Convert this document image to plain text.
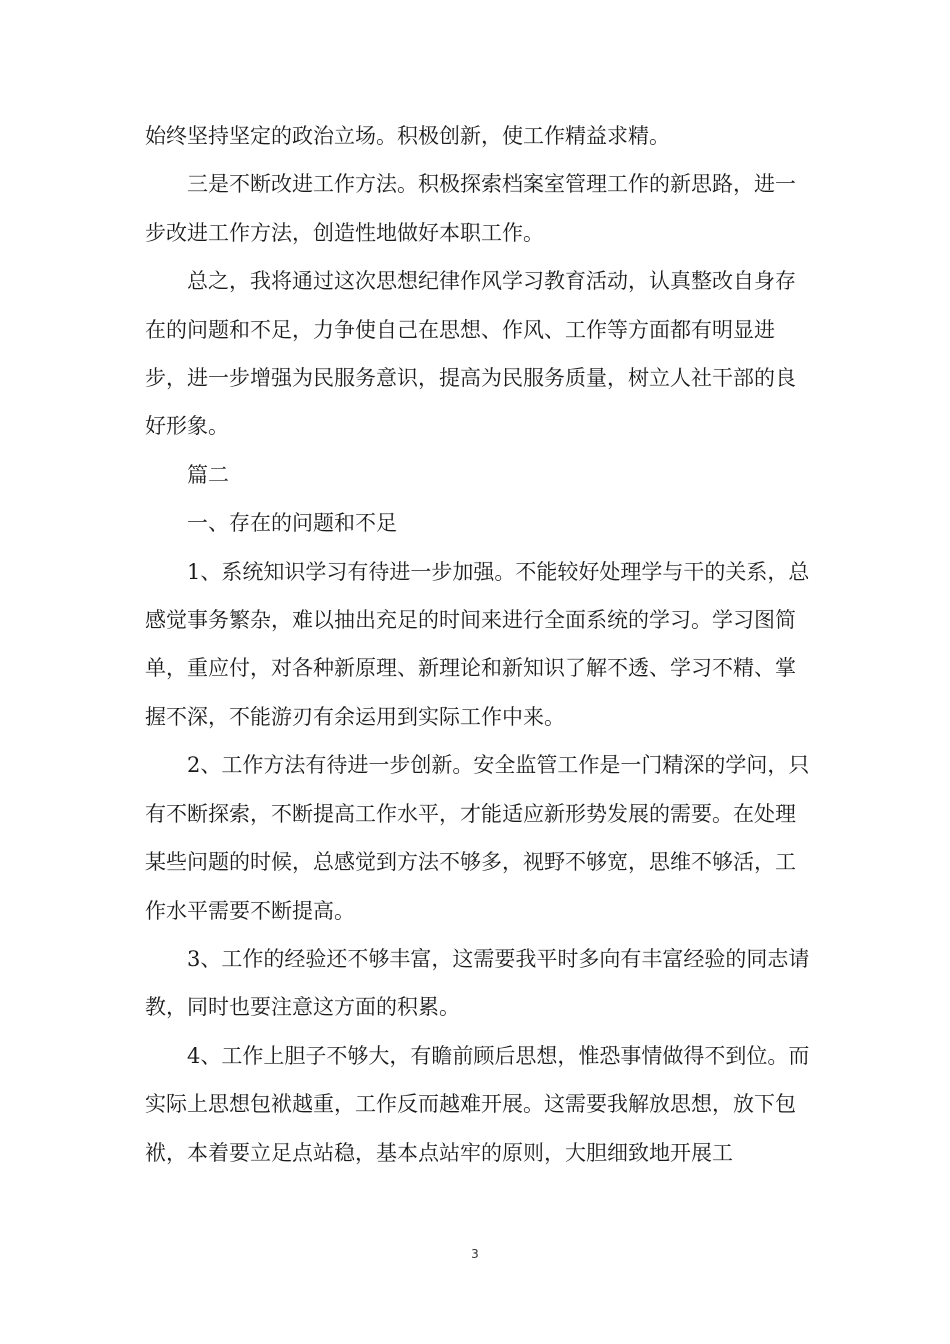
始终坚持坚定的政治立场。积极创新，使工作精益求精。

三是不断改进工作方法。积极探索档案室管理工作的新思路，进一步改进工作方法，创造性地做好本职工作。

总之，我将通过这次思想纪律作风学习教育活动，认真整改自身存在的问题和不足，力争使自己在思想、作风、工作等方面都有明显进步，进一步增强为民服务意识，提高为民服务质量，树立人社干部的良好形象。

篇二

一、存在的问题和不足

1、系统知识学习有待进一步加强。不能较好处理学与干的关系，总感觉事务繁杂，难以抽出充足的时间来进行全面系统的学习。学习图简单，重应付，对各种新原理、新理论和新知识了解不透、学习不精、掌握不深，不能游刃有余运用到实际工作中来。

2、工作方法有待进一步创新。安全监管工作是一门精深的学问，只有不断探索，不断提高工作水平，才能适应新形势发展的需要。在处理某些问题的时候，总感觉到方法不够多，视野不够宽，思维不够活，工作水平需要不断提高。

3、工作的经验还不够丰富，这需要我平时多向有丰富经验的同志请教，同时也要注意这方面的积累。

4、工作上胆子不够大，有瞻前顾后思想，惟恐事情做得不到位。而实际上思想包袱越重，工作反而越难开展。这需要我解放思想，放下包袱，本着要立足点站稳，基本点站牢的原则，大胆细致地开展工

3
